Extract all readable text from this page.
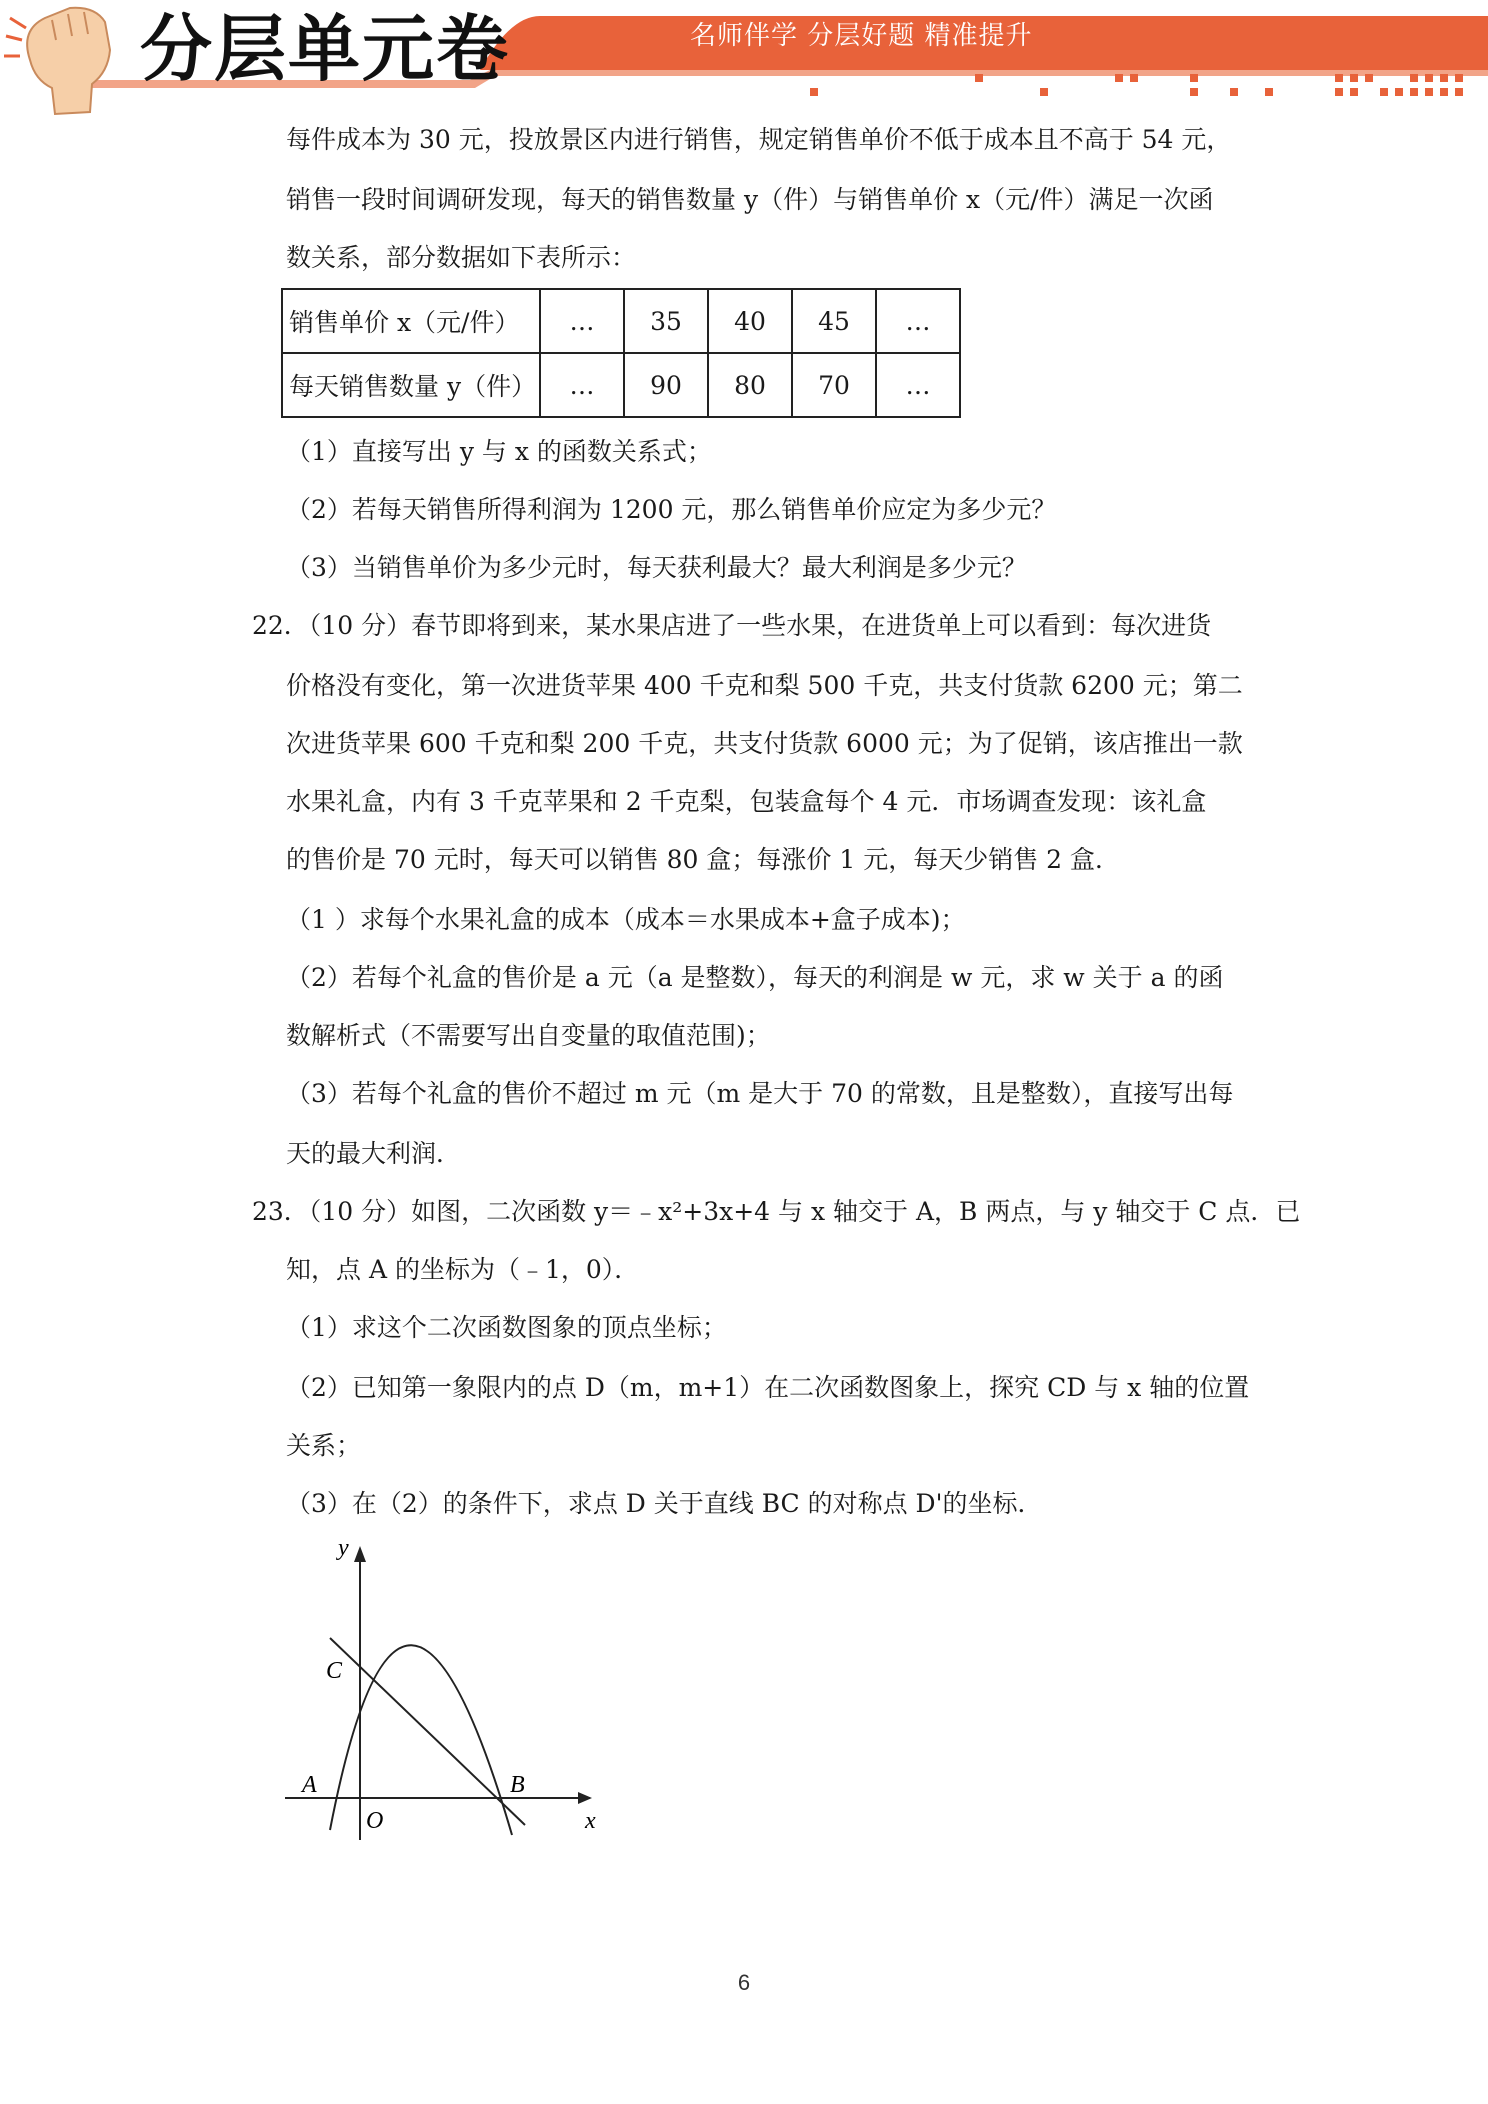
分层单元卷	名师伴学 分层好题 精准提升
每件成本为 30 元，投放景区内进行销售，规定销售单价不低于成本且不高于 54 元，
销售一段时间调研发现，每天的销售数量 y（件）与销售单价 x（元/件）满足一次函
数关系，部分数据如下表所示：
销售单价 x（元/件）	…	35	40	45	…
每天销售数量 y（件）	…	90	80	70	…
（1）直接写出 y 与 x 的函数关系式；
（2）若每天销售所得利润为 1200 元，那么销售单价应定为多少元？
（3）当销售单价为多少元时，每天获利最大？最大利润是多少元？
22．（10 分）春节即将到来，某水果店进了一些水果，在进货单上可以看到：每次进货
价格没有变化，第一次进货苹果 400 千克和梨 500 千克，共支付货款 6200 元；第二
次进货苹果 600 千克和梨 200 千克，共支付货款 6000 元；为了促销，该店推出一款
水果礼盒，内有 3 千克苹果和 2 千克梨，包装盒每个 4 元．市场调查发现：该礼盒
的售价是 70 元时，每天可以销售 80 盒；每涨价 1 元，每天少销售 2 盒．
（1 ）求每个水果礼盒的成本（成本＝水果成本+盒子成本)；
（2）若每个礼盒的售价是 a 元（a 是整数），每天的利润是 w 元，求 w 关于 a 的函
数解析式（不需要写出自变量的取值范围)；
（3）若每个礼盒的售价不超过 m 元（m 是大于 70 的常数，且是整数），直接写出每
天的最大利润．
23．（10 分）如图，二次函数 y＝﹣x²+3x+4 与 x 轴交于 A，B 两点，与 y 轴交于 C 点．已
知，点 A 的坐标为（﹣1，0）．
（1）求这个二次函数图象的顶点坐标；
（2）已知第一象限内的点 D（m，m+1）在二次函数图象上，探究 CD 与 x 轴的位置
关系；
（3）在（2）的条件下，求点 D 关于直线 BC 的对称点 D'的坐标．
y
x
C
A	B
O
6
